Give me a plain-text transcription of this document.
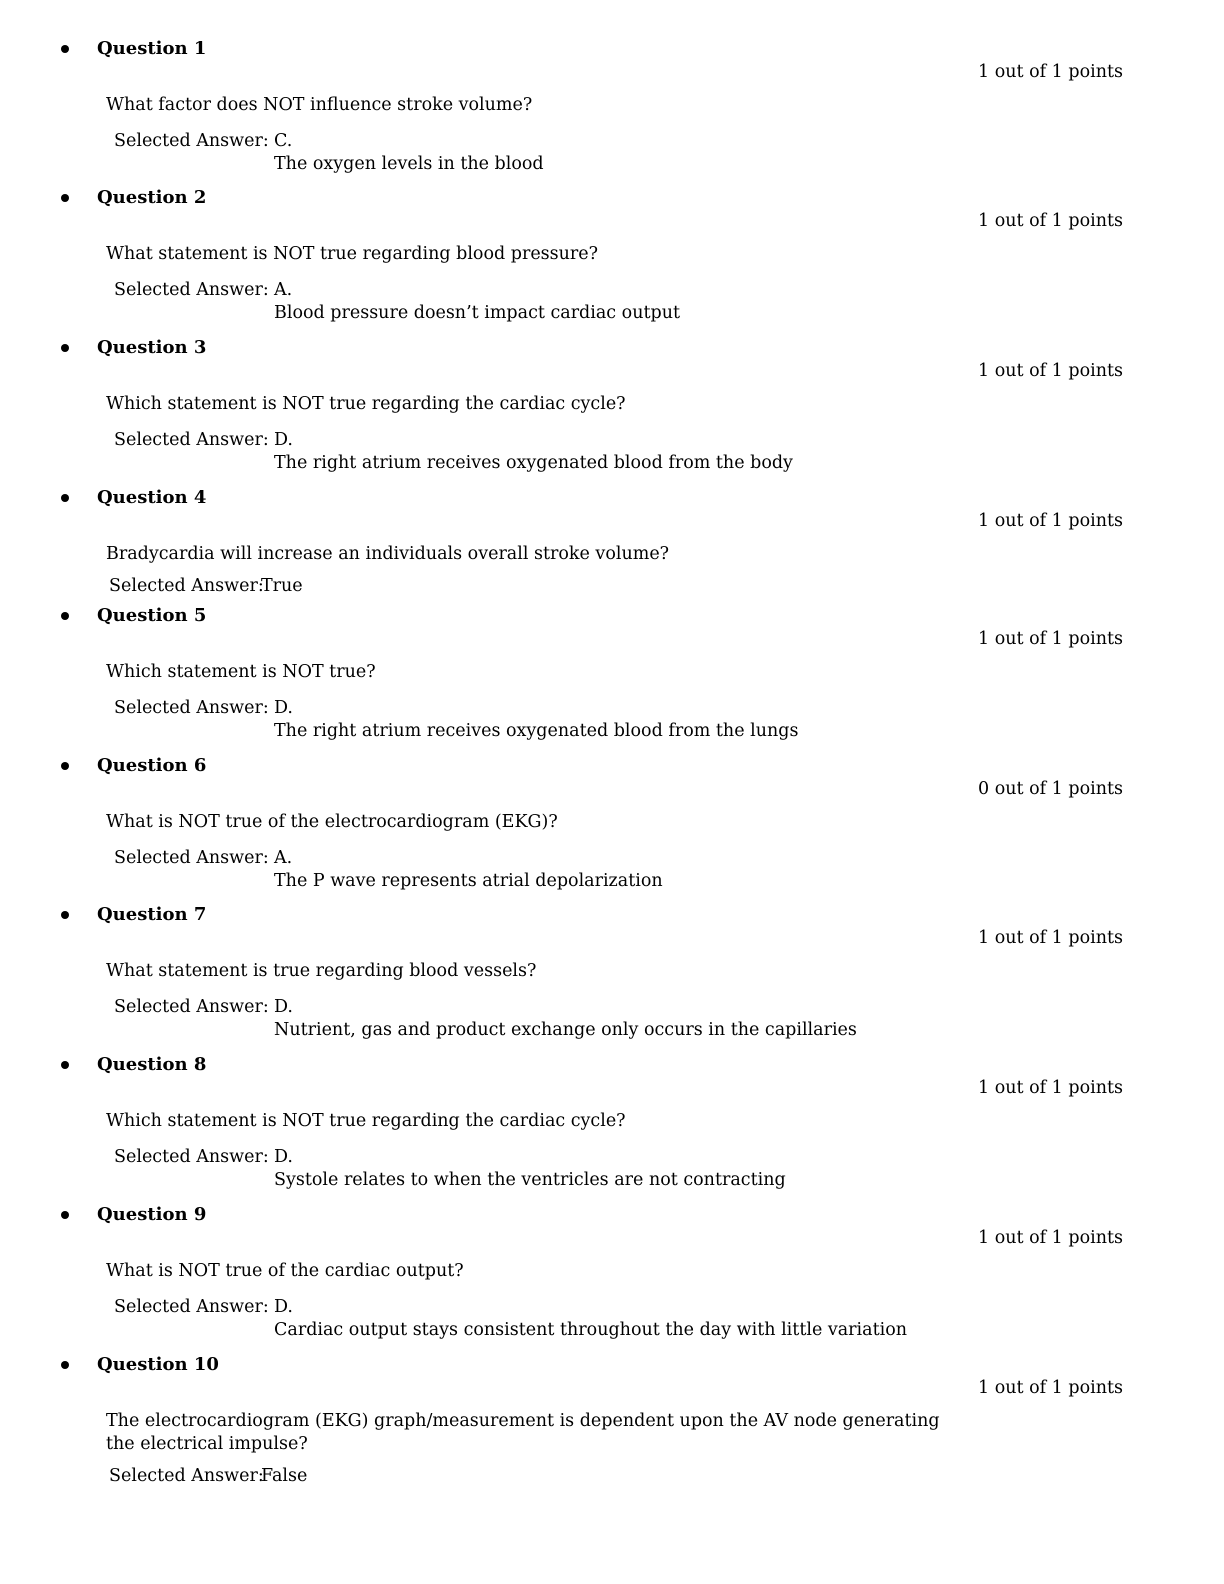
Question 1
1 out of 1 points
What factor does NOT influence stroke volume?
Selected Answer: C.
The oxygen levels in the blood
Question 2
1 out of 1 points
What statement is NOT true regarding blood pressure?
Selected Answer: A.
Blood pressure doesn’t impact cardiac output
Question 3
1 out of 1 points
Which statement is NOT true regarding the cardiac cycle?
Selected Answer: D.
The right atrium receives oxygenated blood from the body
Question 4
1 out of 1 points
Bradycardia will increase an individuals overall stroke volume?
Selected Answer:
True
Question 5
1 out of 1 points
Which statement is NOT true?
Selected Answer: D.
The right atrium receives oxygenated blood from the lungs
Question 6
0 out of 1 points
What is NOT true of the electrocardiogram (EKG)?
Selected Answer: A.
The P wave represents atrial depolarization
Question 7
1 out of 1 points
What statement is true regarding blood vessels?
Selected Answer: D.
Nutrient, gas and product exchange only occurs in the capillaries
Question 8
1 out of 1 points
Which statement is NOT true regarding the cardiac cycle?
Selected Answer: D.
Systole relates to when the ventricles are not contracting
Question 9
1 out of 1 points
What is NOT true of the cardiac output?
Selected Answer: D.
Cardiac output stays consistent throughout the day with little variation
Question 10
1 out of 1 points
The electrocardiogram (EKG) graph/measurement is dependent upon the AV node generating the electrical impulse?
Selected Answer:
False
